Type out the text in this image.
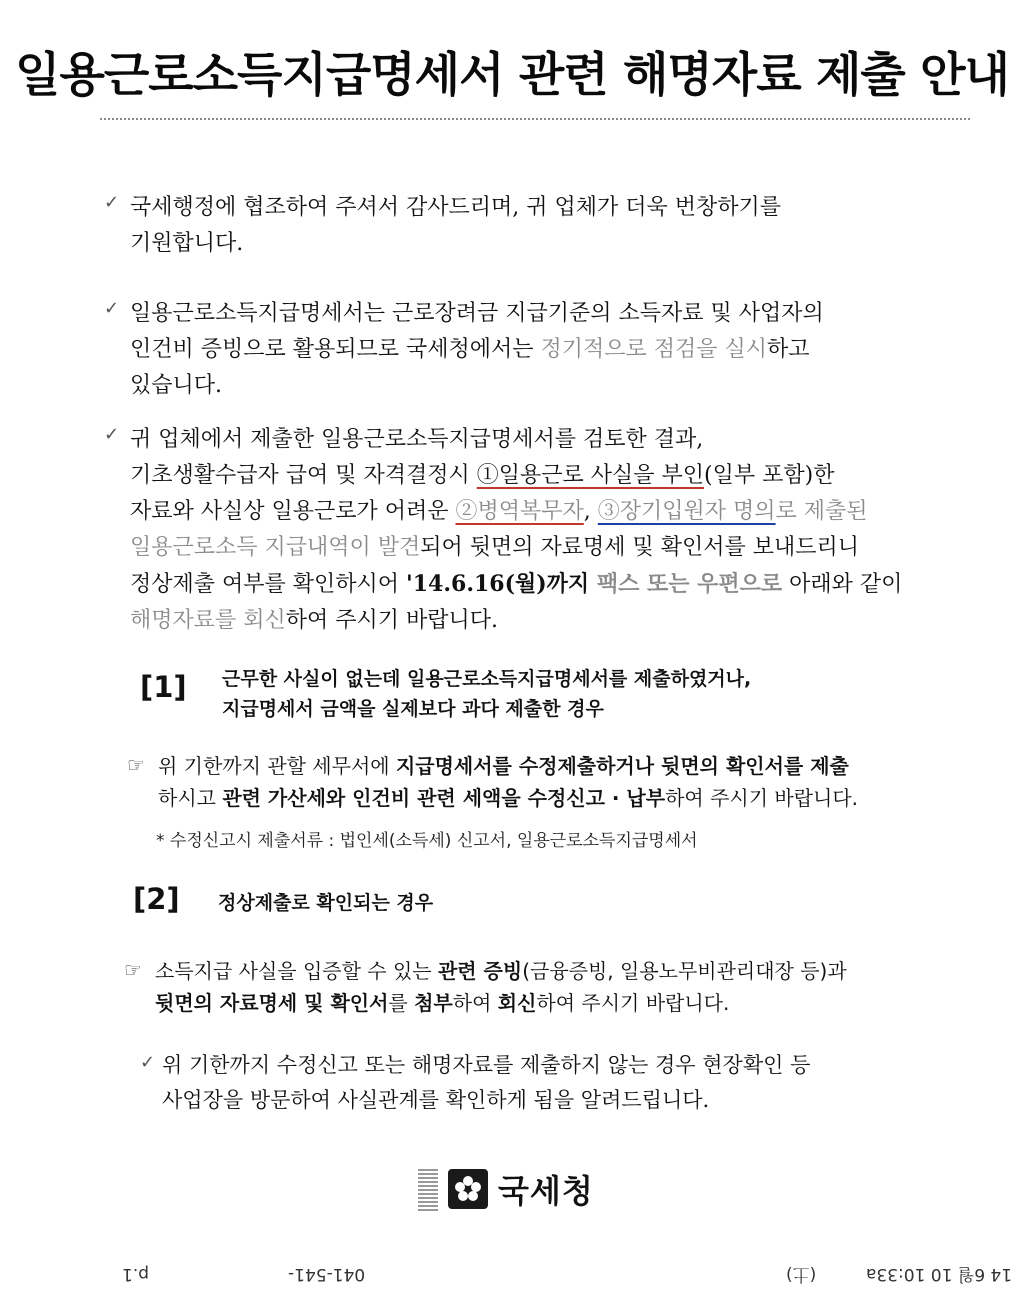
일용근로소득지급명세서 관련 해명자료 제출 안내
✓ 국세행정에 협조하여 주셔서 감사드리며, 귀 업체가 더욱 번창하기를
기원합니다.
✓ 일용근로소득지급명세서는 근로장려금 지급기준의 소득자료 및 사업자의
인건비 증빙으로 활용되므로 국세청에서는 정기적으로 점검을 실시하고
있습니다.
✓ 귀 업체에서 제출한 일용근로소득지급명세서를 검토한 결과,
기초생활수급자 급여 및 자격결정시 ①일용근로 사실을 부인(일부 포함)한
자료와 사실상 일용근로가 어려운 ②병역복무자, ③장기입원자 명의로 제출된
일용근로소득 지급내역이 발견되어 뒷면의 자료명세 및 확인서를 보내드리니
정상제출 여부를 확인하시어 '14.6.16(월)까지 팩스 또는 우편으로 아래와 같이
해명자료를 회신하여 주시기 바랍니다.
[1] 근무한 사실이 없는데 일용근로소득지급명세서를 제출하였거나,
지급명세서 금액을 실제보다 과다 제출한 경우
☞ 위 기한까지 관할 세무서에 지급명세서를 수정제출하거나 뒷면의 확인서를 제출
하시고 관련 가산세와 인건비 관련 세액을 수정신고 · 납부하여 주시기 바랍니다.
* 수정신고시 제출서류 : 법인세(소득세) 신고서, 일용근로소득지급명세서
[2] 정상제출로 확인되는 경우
☞ 소득지급 사실을 입증할 수 있는 관련 증빙(금융증빙, 일용노무비관리대장 등)과
뒷면의 자료명세 및 확인서를 첨부하여 회신하여 주시기 바랍니다.
✓ 위 기한까지 수정신고 또는 해명자료를 제출하지 않는 경우 현장확인 등
사업장을 방문하여 사실관계를 확인하게 됨을 알려드립니다.
국세청
p.1	041-541-	(土)	14 6월 10 10:33a
